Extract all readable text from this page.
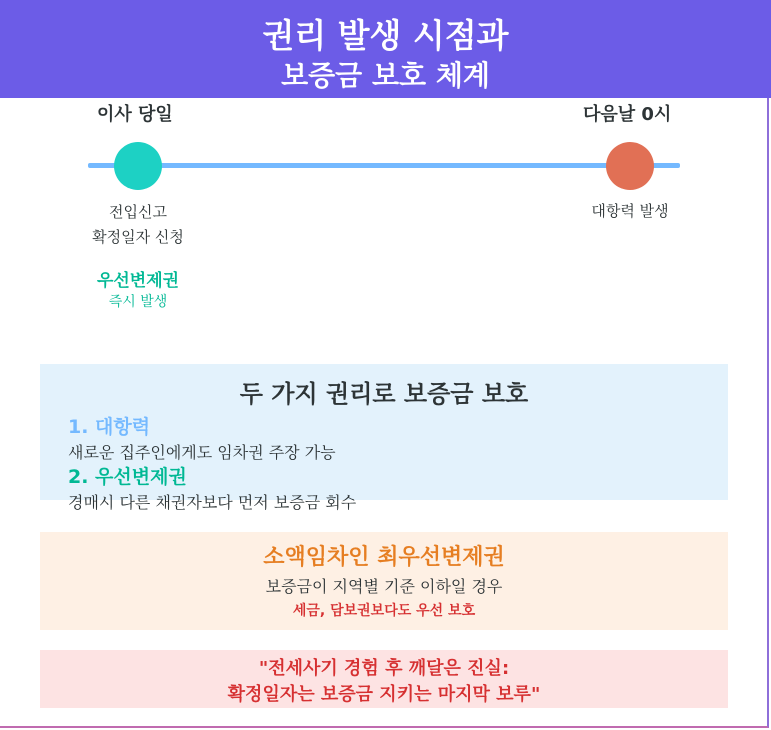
권리 발생 시점과
보증금 보호 체계
이사 당일	다음날 0시
전입신고
확정일자 신청
대항력 발생
우선변제권
즉시 발생
두 가지 권리로 보증금 보호
1. 대항력
새로운 집주인에게도 임차권 주장 가능
2. 우선변제권
경매시 다른 채권자보다 먼저 보증금 회수
소액임차인 최우선변제권
보증금이 지역별 기준 이하일 경우
세금, 담보권보다도 우선 보호
"전세사기 경험 후 깨달은 진실:
확정일자는 보증금 지키는 마지막 보루"
